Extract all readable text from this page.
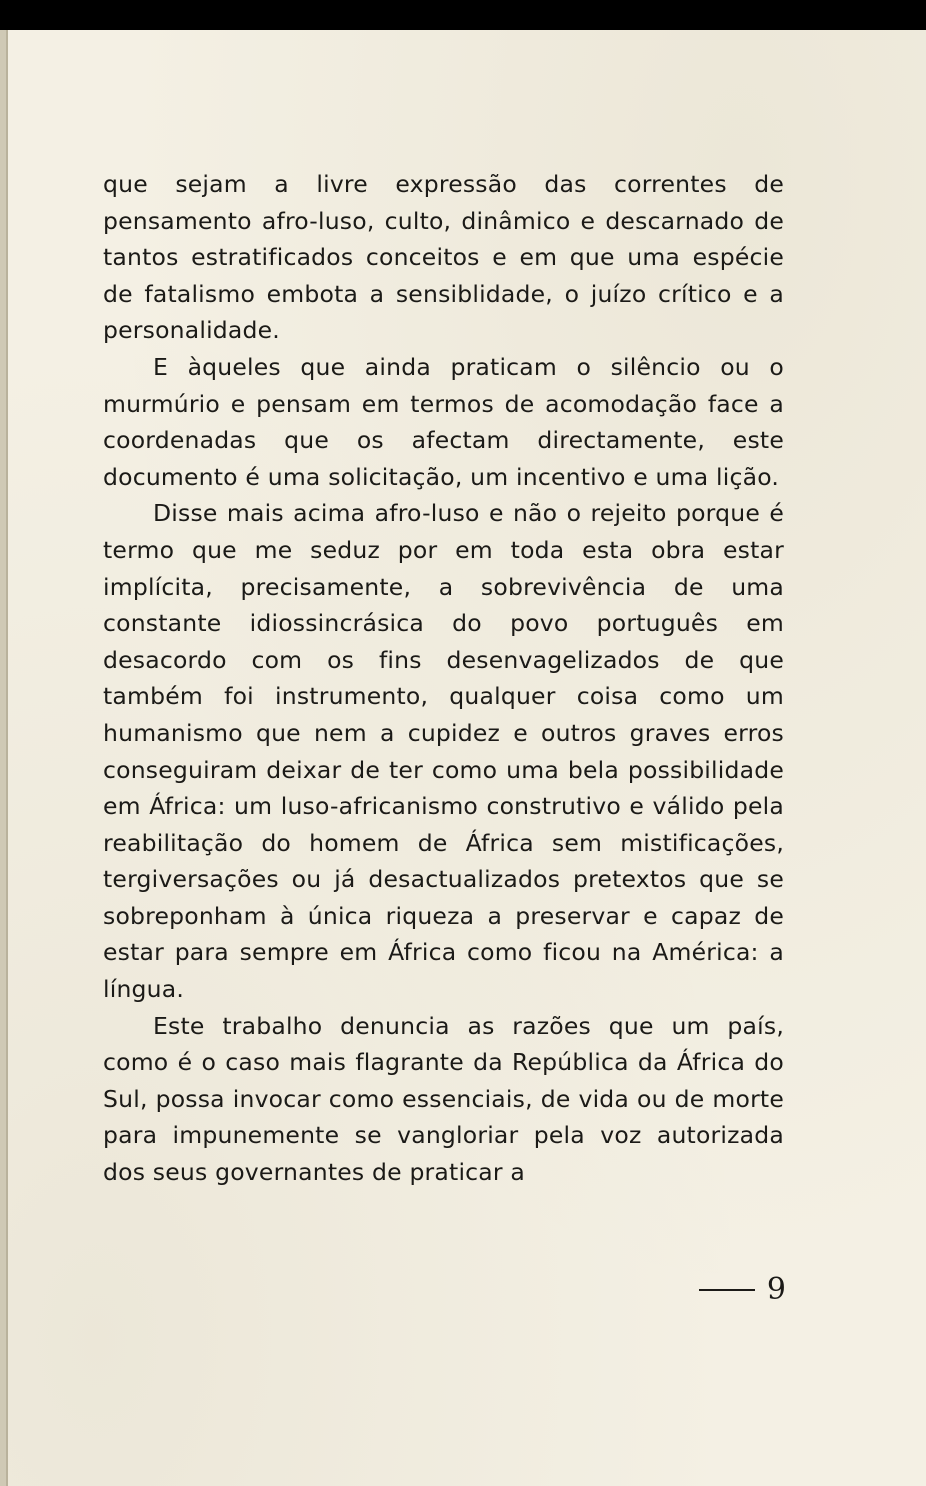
que sejam a livre expressão das correntes de pensamento afro-luso, culto, dinâmico e descarnado de tantos estratificados conceitos e em que uma espécie de fatalismo embota a sensiblidade, o juízo crítico e a personalidade.

E àqueles que ainda praticam o silêncio ou o murmúrio e pensam em termos de acomodação face a coordenadas que os afectam directamente, este documento é uma solicitação, um incentivo e uma lição.

Disse mais acima afro-luso e não o rejeito porque é termo que me seduz por em toda esta obra estar implícita, precisamente, a sobrevivência de uma constante idiossincrásica do povo português em desacordo com os fins desenvagelizados de que também foi instrumento, qualquer coisa como um humanismo que nem a cupidez e outros graves erros conseguiram deixar de ter como uma bela possibilidade em África: um luso-africanismo construtivo e válido pela reabilitação do homem de África sem mistificações, tergiversações ou já desactualizados pretextos que se sobreponham à única riqueza a preservar e capaz de estar para sempre em África como ficou na América: a língua.

Este trabalho denuncia as razões que um país, como é o caso mais flagrante da República da África do Sul, possa invocar como essenciais, de vida ou de morte para impunemente se vangloriar pela voz autorizada dos seus governantes de praticar a

9
